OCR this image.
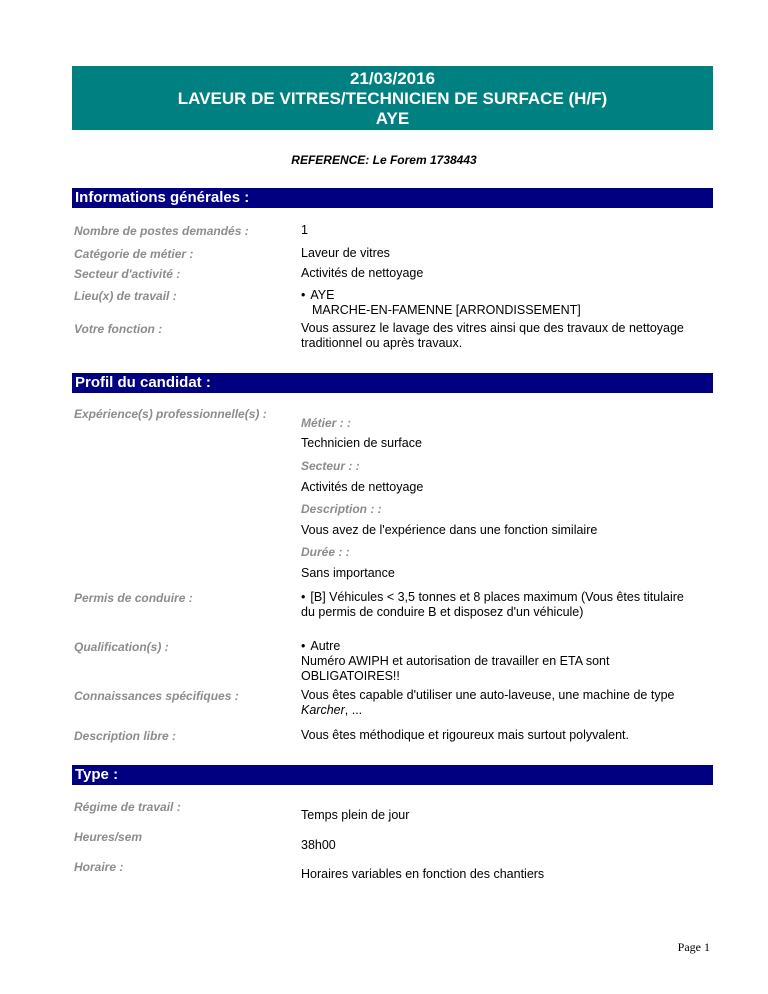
21/03/2016
LAVEUR DE VITRES/TECHNICIEN DE SURFACE (H/F)
AYE
REFERENCE: Le Forem 1738443
Informations générales :
Nombre de postes demandés :	1
Catégorie de métier :	Laveur de vitres
Secteur d'activité :	Activités de nettoyage
Lieu(x) de travail :	• AYE
MARCHE-EN-FAMENNE [ARRONDISSEMENT]
Votre fonction :	Vous assurez le lavage des vitres ainsi que des travaux de nettoyage traditionnel ou après travaux.
Profil du candidat :
Expérience(s) professionnelle(s) :
Métier : :
Technicien de surface
Secteur : :
Activités de nettoyage
Description : :
Vous avez de l'expérience dans une fonction similaire
Durée : :
Sans importance
Permis de conduire :	• [B] Véhicules < 3,5 tonnes et 8 places maximum (Vous êtes titulaire du permis de conduire B et disposez d'un véhicule)
Qualification(s) :	• Autre
Numéro AWIPH et autorisation de travailler en ETA sont OBLIGATOIRES!!
Connaissances spécifiques :	Vous êtes capable d'utiliser une auto-laveuse, une machine de type Karcher, ...
Description libre :	Vous êtes méthodique et rigoureux mais surtout polyvalent.
Type :
Régime de travail :
Temps plein de jour
Heures/sem
38h00
Horaire :	Horaires variables en fonction des chantiers
Page 1
